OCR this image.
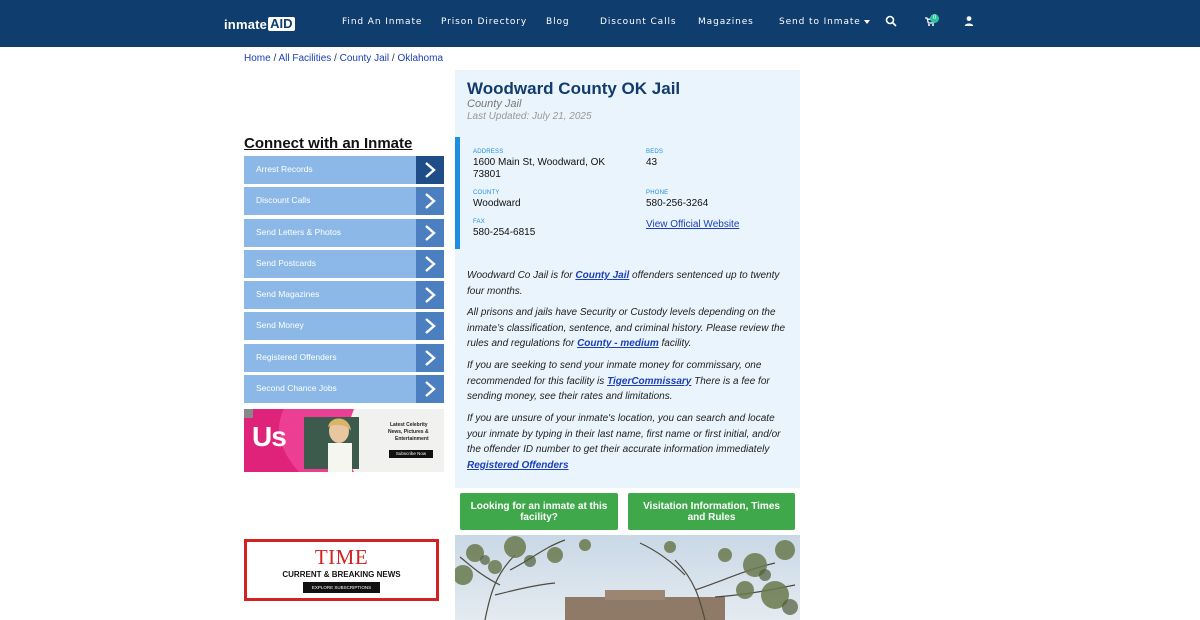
inmate AID	Find An Inmate Prison Directory Blog	Discount Calls Magazines	Send to Inmate	0
Home / All Facilities / County Jail / Oklahoma
Connect with an Inmate
Arrest Records
Discount Calls
Send Letters & Photos
Send Postcards
Send Magazines
Send Money
Registered Offenders
Second Chance Jobs
Us	Latest Celebrity
News, Pictures &
Entertainment
Subscribe Now
TIME
CURRENT & BREAKING NEWS
EXPLORE SUBSCRIPTIONS
Woodward County OK Jail
County Jail
Last Updated: July 21, 2025
ADDRESS
1600 Main St, Woodward, OK
73801
BEDS
43
COUNTY
Woodward
PHONE
580-256-3264
FAX
580-254-6815
View Official Website

Woodward Co Jail is for County Jail offenders sentenced up to twenty four months.

All prisons and jails have Security or Custody levels depending on the inmate’s classification, sentence, and criminal history. Please review the rules and regulations for County - medium facility.

If you are seeking to send your inmate money for commissary, one recommended for this facility is TigerCommissary There is a fee for sending money, see their rates and limitations.

If you are unsure of your inmate's location, you can search and locate your inmate by typing in their last name, first name or first initial, and/or the offender ID number to get their accurate information immediately Registered Offenders

Looking for an inmate at this facility?
Visitation Information, Times and Rules
